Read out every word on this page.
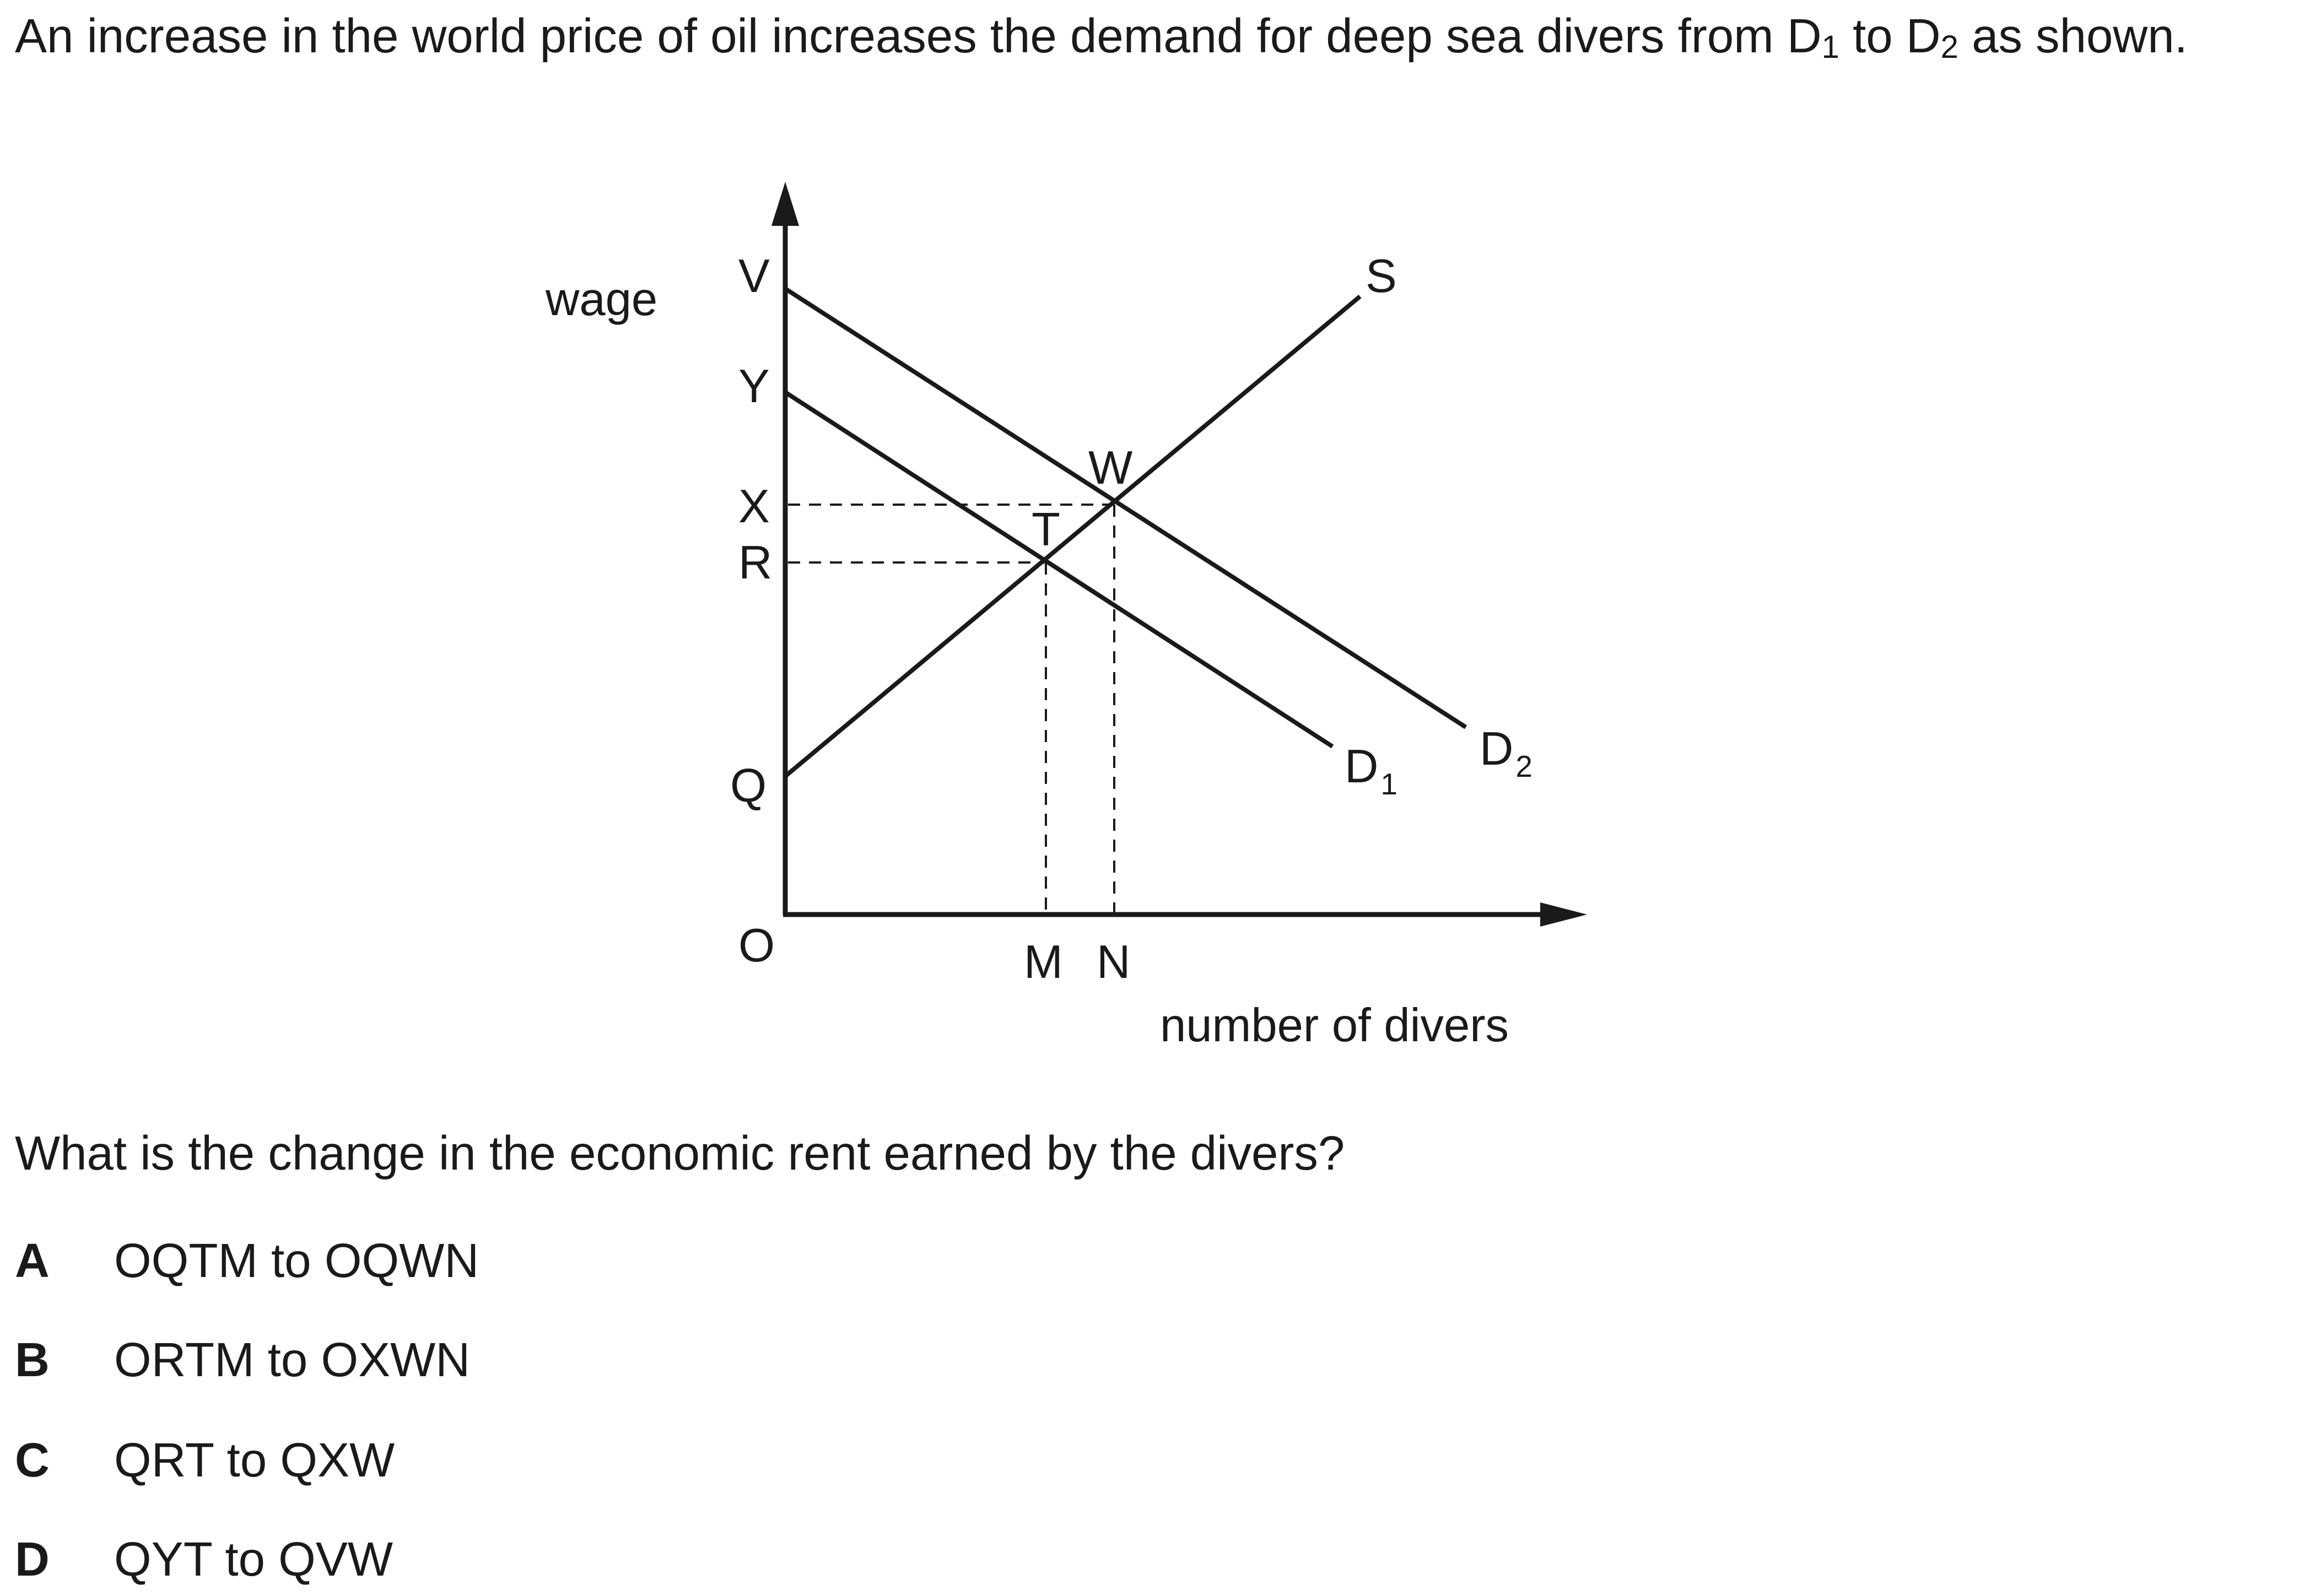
An increase in the world price of oil increases the demand for deep sea divers from $D_1$ to $D_2$ as shown.

wage
number of divers
V
Y
X
R
Q
O	M N
T
W
S
$D_1$
$D_2$

What is the change in the economic rent earned by the divers?

A	OQTM to OQWN
B	ORTM to OXWN
C	QRT to QXW
D	QYT to QVW
